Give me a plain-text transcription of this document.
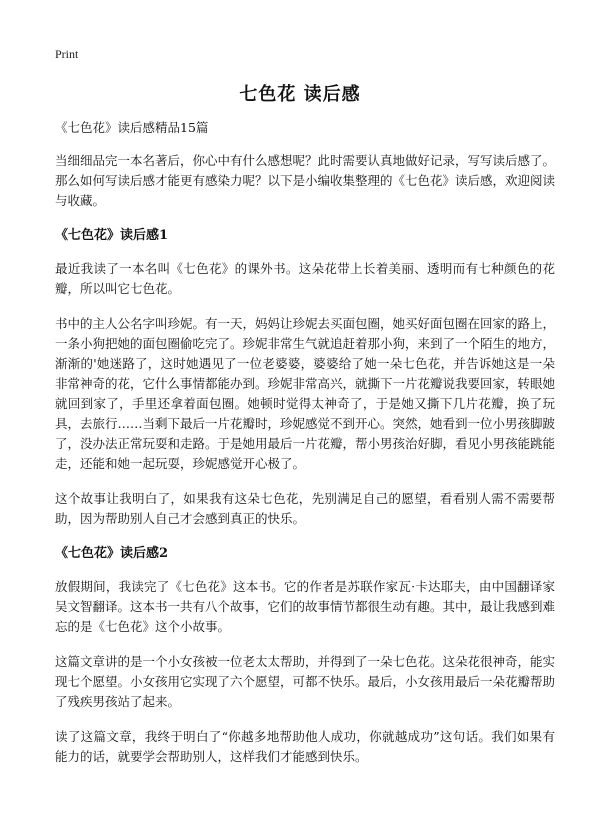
Print
七色花 读后感

《七色花》读后感精品15篇

当细细品完一本名著后，你心中有什么感想呢？此时需要认真地做好记录，写写读后感了。那么如何写读后感才能更有感染力呢？以下是小编收集整理的《七色花》读后感，欢迎阅读与收藏。

《七色花》读后感1

最近我读了一本名叫《七色花》的课外书。这朵花带上长着美丽、透明而有七种颜色的花瓣，所以叫它七色花。

书中的主人公名字叫珍妮。有一天，妈妈让珍妮去买面包圈，她买好面包圈在回家的路上，一条小狗把她的面包圈偷吃完了。珍妮非常生气就追赶着那小狗，来到了一个陌生的地方，渐渐的'她迷路了，这时她遇见了一位老婆婆，婆婆给了她一朵七色花，并告诉她这是一朵非常神奇的花，它什么事情都能办到。珍妮非常高兴，就撕下一片花瓣说我要回家，转眼她就回到家了，手里还拿着面包圈。她顿时觉得太神奇了，于是她又撕下几片花瓣，换了玩具，去旅行……当剩下最后一片花瓣时，珍妮感觉不到开心。突然，她看到一位小男孩脚跛了，没办法正常玩耍和走路。于是她用最后一片花瓣，帮小男孩治好脚，看见小男孩能跳能走，还能和她一起玩耍，珍妮感觉开心极了。

这个故事让我明白了，如果我有这朵七色花，先别满足自己的愿望，看看别人需不需要帮助，因为帮助别人自己才会感到真正的快乐。

《七色花》读后感2

放假期间，我读完了《七色花》这本书。它的作者是苏联作家瓦·卡达耶夫，由中国翻译家吴文智翻译。这本书一共有八个故事，它们的故事情节都很生动有趣。其中，最让我感到难忘的是《七色花》这个小故事。

这篇文章讲的是一个小女孩被一位老太太帮助，并得到了一朵七色花。这朵花很神奇，能实现七个愿望。小女孩用它实现了六个愿望，可都不快乐。最后，小女孩用最后一朵花瓣帮助了残疾男孩站了起来。

读了这篇文章，我终于明白了“你越多地帮助他人成功，你就越成功”这句话。我们如果有能力的话，就要学会帮助别人，这样我们才能感到快乐。
